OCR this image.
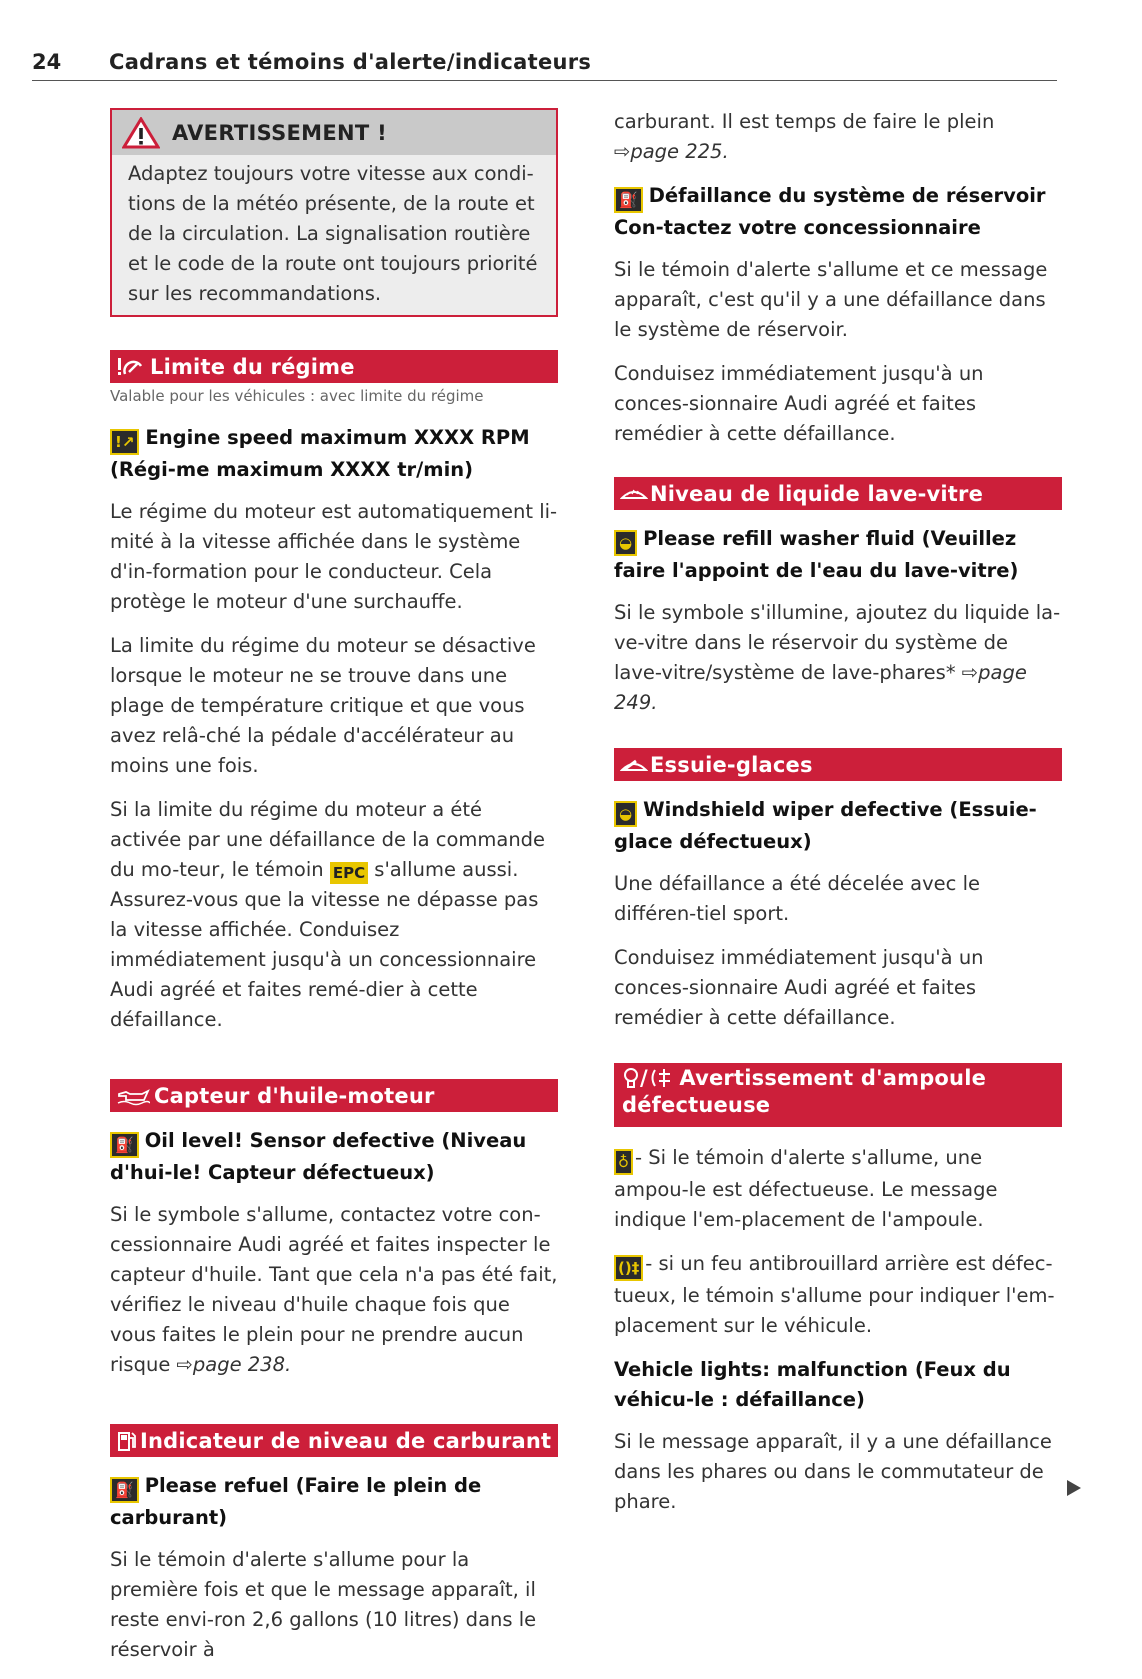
24 Cadrans et témoins d'alerte/indicateurs
AVERTISSEMENT !
Adaptez toujours votre vitesse aux condi-tions de la météo présente, de la route et de la circulation. La signalisation routière et le code de la route ont toujours priorité sur les recommandations.
Limite du régime
Valable pour les véhicules : avec limite du régime
!↗ Engine speed maximum XXXX RPM (Régi-me maximum XXXX tr/min)

Le régime du moteur est automatiquement li-mité à la vitesse affichée dans le système d'in-formation pour le conducteur. Cela protège le moteur d'une surchauffe.

La limite du régime du moteur se désactive lorsque le moteur ne se trouve dans une plage de température critique et que vous avez relâ-ché la pédale d'accélérateur au moins une fois.

Si la limite du régime du moteur a été activée par une défaillance de la commande du mo-teur, le témoin EPC s'allume aussi. Assurez-vous que la vitesse ne dépasse pas la vitesse affichée. Conduisez immédiatement jusqu'à un concessionnaire Audi agréé et faites remé-dier à cette défaillance.

Capteur d'huile-moteur
⛽ Oil level! Sensor defective (Niveau d'hui-le! Capteur défectueux)

Si le symbole s'allume, contactez votre con-cessionnaire Audi agréé et faites inspecter le capteur d'huile. Tant que cela n'a pas été fait, vérifiez le niveau d'huile chaque fois que vous faites le plein pour ne prendre aucun risque ⇨page 238.

Indicateur de niveau de carburant
⛽ Please refuel (Faire le plein de carburant)

Si le témoin d'alerte s'allume pour la première fois et que le message apparaît, il reste envi-ron 2,6 gallons (10 litres) dans le réservoir à

carburant. Il est temps de faire le plein
⇨page 225.

⛽ Défaillance du système de réservoir Con-tactez votre concessionnaire

Si le témoin d'alerte s'allume et ce message apparaît, c'est qu'il y a une défaillance dans le système de réservoir.

Conduisez immédiatement jusqu'à un conces-sionnaire Audi agréé et faites remédier à cette défaillance.

Niveau de liquide lave-vitre
◒ Please refill washer fluid (Veuillez faire l'appoint de l'eau du lave-vitre)

Si le symbole s'illumine, ajoutez du liquide la-ve-vitre dans le réservoir du système de lave-vitre/système de lave-phares* ⇨page 249.

Essuie-glaces
◒ Windshield wiper defective (Essuie-glace défectueux)

Une défaillance a été décelée avec le différen-tiel sport.

Conduisez immédiatement jusqu'à un conces-sionnaire Audi agréé et faites remédier à cette défaillance.

/ Avertissement d'ampoule
défectueuse

♁ - Si le témoin d'alerte s'allume, une ampou-le est défectueuse. Le message indique l'em-placement de l'ampoule.

()‡ - si un feu antibrouillard arrière est défec-tueux, le témoin s'allume pour indiquer l'em-placement sur le véhicule.

Vehicle lights: malfunction (Feux du véhicu-le : défaillance)

Si le message apparaît, il y a une défaillance dans les phares ou dans le commutateur de phare.
